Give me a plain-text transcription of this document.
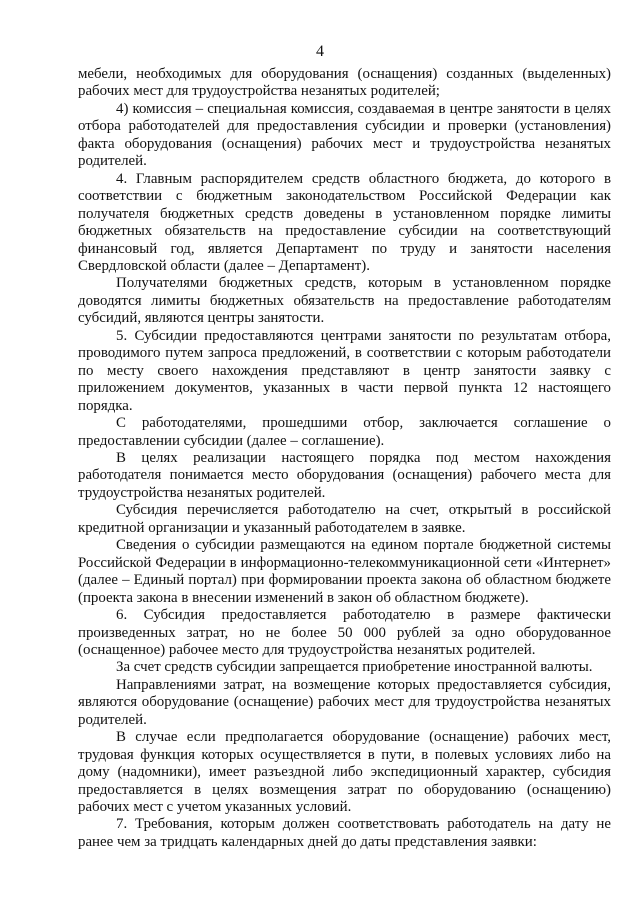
4

мебели, необходимых для оборудования (оснащения) созданных (выделенных) рабочих мест для трудоустройства незанятых родителей;

4) комиссия – специальная комиссия, создаваемая в центре занятости в целях отбора работодателей для предоставления субсидии и проверки (установления) факта оборудования (оснащения) рабочих мест и трудоустройства незанятых родителей.

4. Главным распорядителем средств областного бюджета, до которого в соответствии с бюджетным законодательством Российской Федерации как получателя бюджетных средств доведены в установленном порядке лимиты бюджетных обязательств на предоставление субсидии на соответствующий финансовый год, является Департамент по труду и занятости населения Свердловской области (далее – Департамент).

Получателями бюджетных средств, которым в установленном порядке доводятся лимиты бюджетных обязательств на предоставление работодателям субсидий, являются центры занятости.

5. Субсидии предоставляются центрами занятости по результатам отбора, проводимого путем запроса предложений, в соответствии с которым работодатели по месту своего нахождения представляют в центр занятости заявку с приложением документов, указанных в части первой пункта 12 настоящего порядка.

С работодателями, прошедшими отбор, заключается соглашение о предоставлении субсидии (далее – соглашение).

В целях реализации настоящего порядка под местом нахождения работодателя понимается место оборудования (оснащения) рабочего места для трудоустройства незанятых родителей.

Субсидия перечисляется работодателю на счет, открытый в российской кредитной организации и указанный работодателем в заявке.

Сведения о субсидии размещаются на едином портале бюджетной системы Российской Федерации в информационно-телекоммуникационной сети «Интернет» (далее – Единый портал) при формировании проекта закона об областном бюджете (проекта закона в внесении изменений в закон об областном бюджете).

6. Субсидия предоставляется работодателю в размере фактически произведенных затрат, но не более 50 000 рублей за одно оборудованное (оснащенное) рабочее место для трудоустройства незанятых родителей.

За счет средств субсидии запрещается приобретение иностранной валюты.

Направлениями затрат, на возмещение которых предоставляется субсидия, являются оборудование (оснащение) рабочих мест для трудоустройства незанятых родителей.

В случае если предполагается оборудование (оснащение) рабочих мест, трудовая функция которых осуществляется в пути, в полевых условиях либо на дому (надомники), имеет разъездной либо экспедиционный характер, субсидия предоставляется в целях возмещения затрат по оборудованию (оснащению) рабочих мест с учетом указанных условий.

7. Требования, которым должен соответствовать работодатель на дату не ранее чем за тридцать календарных дней до даты представления заявки:
